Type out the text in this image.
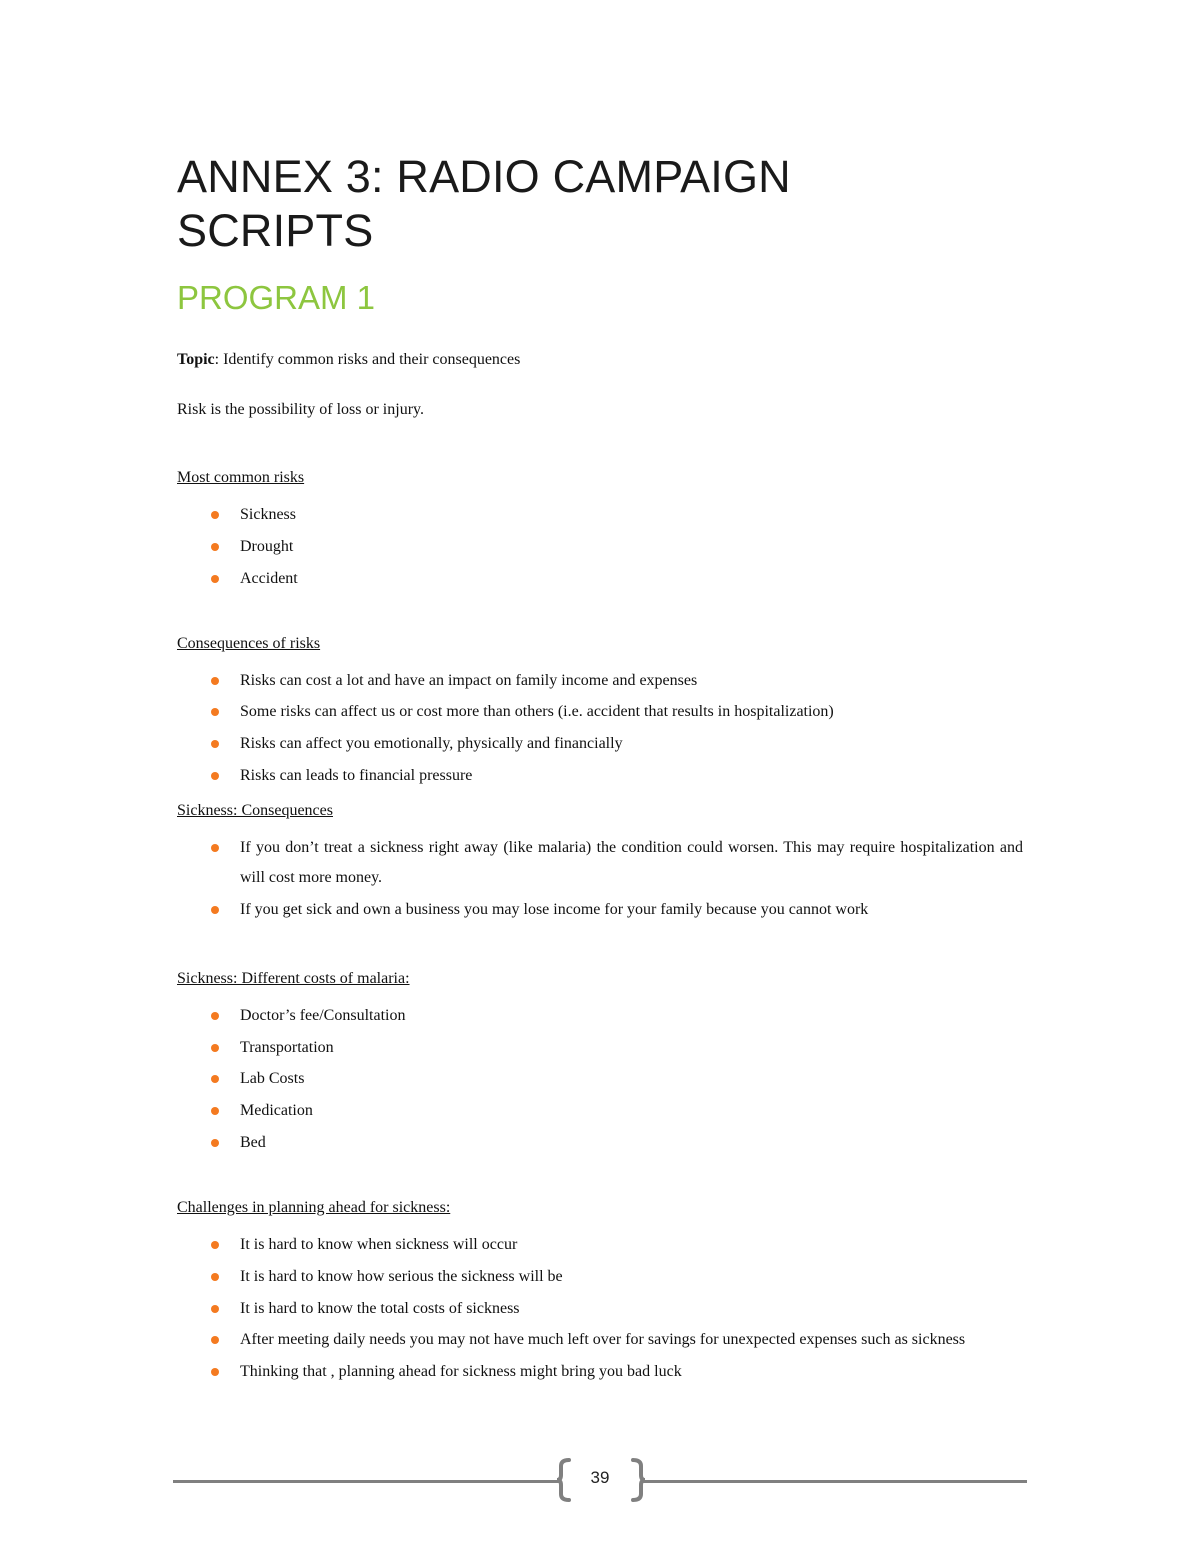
ANNEX 3: RADIO CAMPAIGN
SCRIPTS
PROGRAM 1

Topic: Identify common risks and their consequences

Risk is the possibility of loss or injury.

Most common risks

Sickness
Drought
Accident

Consequences of risks

Risks can cost a lot and have an impact on family income and expenses
Some risks can affect us or cost more than others (i.e. accident that results in hospitalization)
Risks can affect you emotionally, physically and financially
Risks can leads to financial pressure

Sickness: Consequences

If you don’t treat a sickness right away (like malaria) the condition could worsen. This may require hospitalization and will cost more money.
If you get sick and own a business you may lose income for your family because you cannot work

Sickness: Different costs of malaria:

Doctor’s fee/Consultation
Transportation
Lab Costs
Medication
Bed

Challenges in planning ahead for sickness:

It is hard to know when sickness will occur
It is hard to know how serious the sickness will be
It is hard to know the total costs of sickness
After meeting daily needs you may not have much left over for savings for unexpected expenses such as sickness
Thinking that , planning ahead for sickness might bring you bad luck
39
